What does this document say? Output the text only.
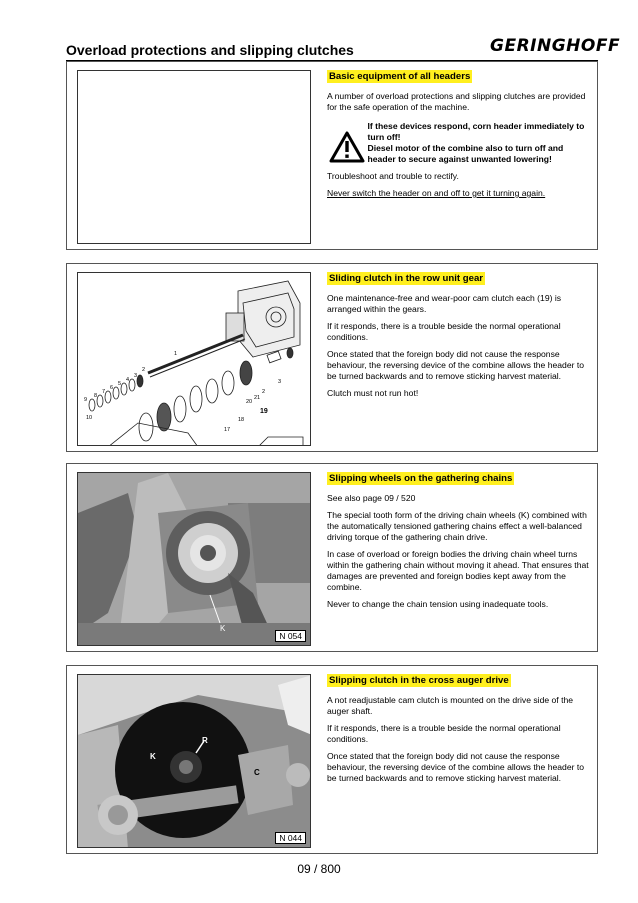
Overload protections and slipping clutches	GERINGHOFF
Basic equipment of all headers

A number of overload protections and slipping clutches are provided for the safe operation of the machine.

If these devices respond, corn header immediately to turn off!
Diesel motor of the combine also to turn off and header to secure against unwanted lowering!

Troubleshoot and trouble to rectify.

Never switch the header on and off to get it turning again.

1
2
3
4
5
6
7
8
9
10
17
18
19
20
21
2
3
Sliding clutch in the row unit gear

One maintenance-free and wear-poor cam clutch each (19) is arranged within the gears.

If it responds, there is a trouble beside the normal operational conditions.

Once stated that the foreign body did not cause the response behaviour, the reversing device of the combine allows the header to be turned backwards and to remove sticking harvest material.

Clutch must not run hot!

K
N 054
Slipping wheels on the gathering chains

See also page 09 / 520

The special tooth form of the driving chain wheels (K) combined with the automatically tensioned gathering chains effect a well-balanced driving torque of the gathering chain drive.

In case of overload or foreign bodies the driving chain wheel turns within the gathering chain without moving it ahead. That ensures that damages are prevented and foreign bodies kept away from the combine.

Never to change the chain tension using inadequate tools.

R
K
C
N 044
Slipping clutch in the cross auger drive

A not readjustable cam clutch is mounted on the drive side of the auger shaft.

If it responds, there is a trouble beside the normal operational conditions.

Once stated that the foreign body did not cause the response behaviour, the reversing device of the combine allows the header to be turned backwards and to remove sticking harvest material.

09 / 800
